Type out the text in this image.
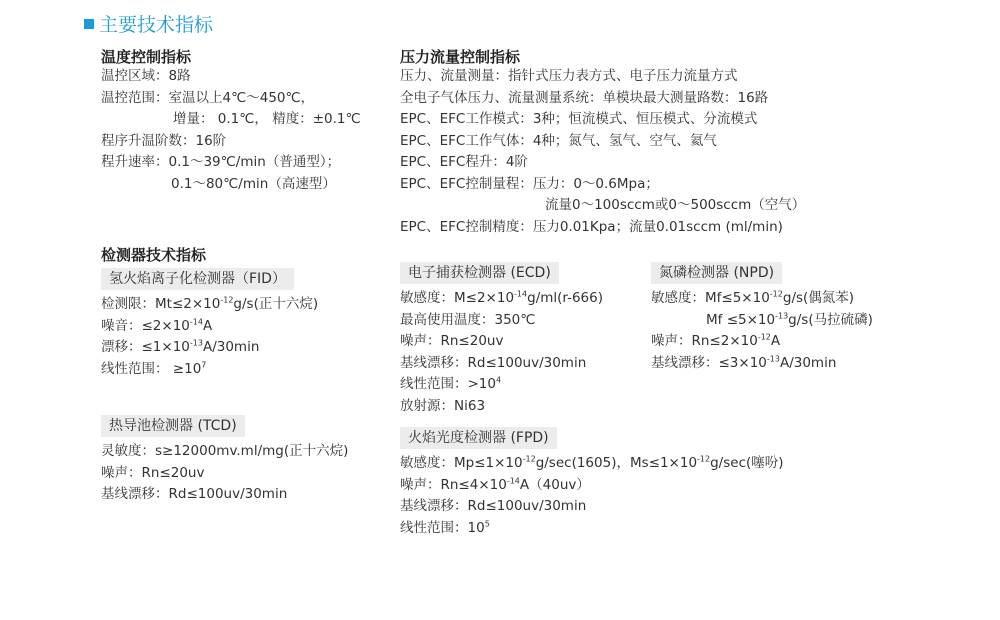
主要技术指标
温度控制指标
温控区域：8路
温控范围：室温以上4℃～450℃，
增量： 0.1℃， 精度：±0.1℃
程序升温阶数：16阶
程升速率：0.1～39℃/min（普通型）；
0.1～80℃/min（高速型）
压力流量控制指标
压力、流量测量：指针式压力表方式、电子压力流量方式
全电子气体压力、流量测量系统：单模块最大测量路数：16路
EPC、EFC工作模式：3种；恒流模式、恒压模式、分流模式
EPC、EFC工作气体：4种；氮气、氢气、空气、氦气
EPC、EFC程升：4阶
EPC、EFC控制量程：压力：0～0.6Mpa；
流量0～100sccm或0～500sccm（空气）
EPC、EFC控制精度：压力0.01Kpa；流量0.01sccm (ml/min)
检测器技术指标
氢火焰离子化检测器（FID）
检测限：$Mt\le 2\times 10^{-12}g/s$(正十六烷)
噪音：$\le 2\times 10^{-14}A$
漂移：$\le 1\times 10^{-13}A/30\min$
线性范围： $\ge 10^7$
热导池检测器 (TCD)
灵敏度：s≥12000mv.ml/mg(正十六烷)
噪声：Rn≤20uv
基线漂移：Rd≤100uv/30min
电子捕获检测器 (ECD)
敏感度：$M\le 2\times 10^{-14}g/ml(r-666)$
最高使用温度：350℃
噪声：Rn≤20uv
基线漂移：Rd≤100uv/30min
线性范围：$>10^4$
放射源：Ni63
氮磷检测器 (NPD)
敏感度：$Mf\le 5\times 10^{-12}g/s$(偶氮苯)
$Mf \le 5\times 10^{-13}g/s$(马拉硫磷)
噪声：$Rn\le 2\times 10^{-12}A$
基线漂移：$\le 3\times 10^{-13}A/30\min$
火焰光度检测器 (FPD)
敏感度：$Mp\le 1\times 10^{-12}g/\sec(1605)$，$Ms\le 1\times 10^{-12}g/\sec$(噻吩)
噪声：$Rn\le 4\times 10^{-14}A(40uv)$
基线漂移：Rd≤100uv/30min
线性范围：$10^5$
